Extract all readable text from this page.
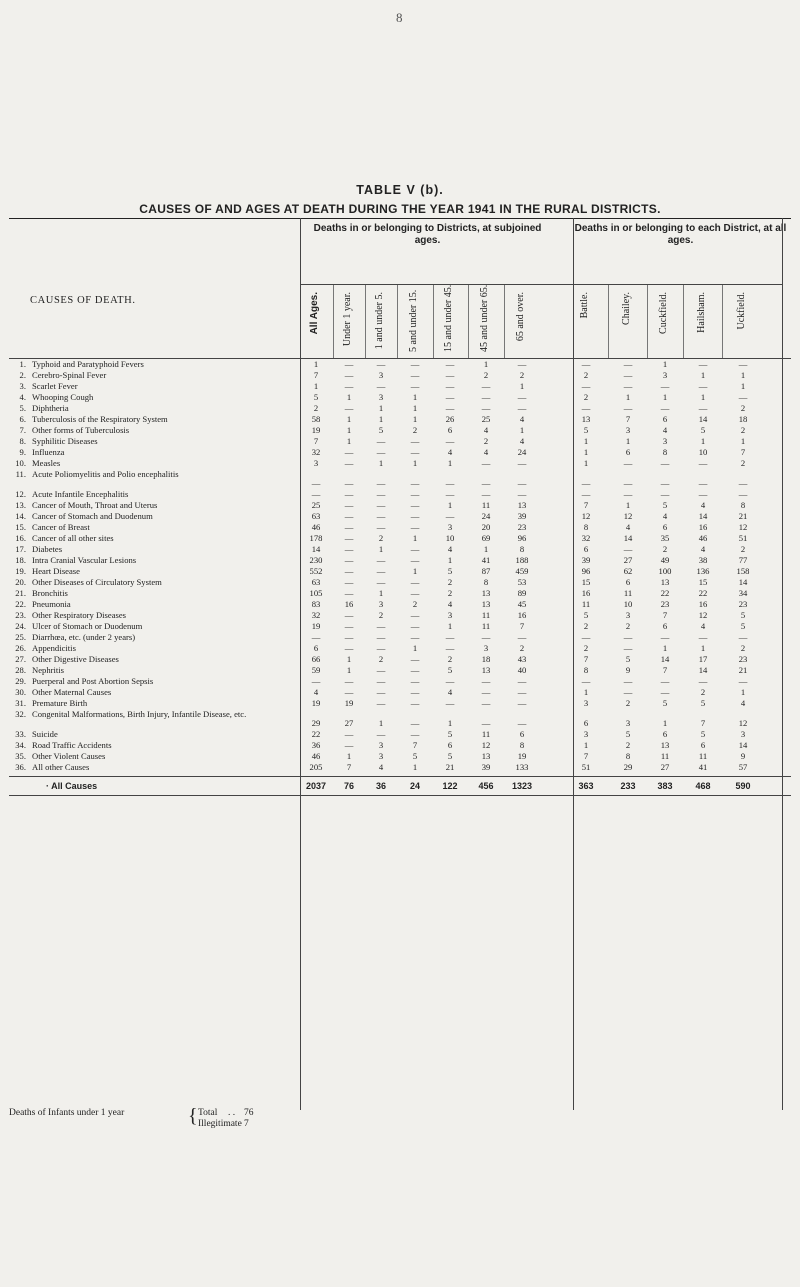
8
TABLE V (b).
CAUSES OF AND AGES AT DEATH DURING THE YEAR 1941 IN THE RURAL DISTRICTS.
Deaths in or belonging to Districts, at subjoined ages.
Deaths in or belonging to each District, at all ages.
CAUSES OF DEATH.	All Ages.	Under 1 year.	1 and under 5.	5 and under 15.	15 and under 45.	45 and under 65.	65 and over.	Battle.	Chailey.	Cuckfield.	Hailsham.	Uckfield.
1. Typhoid and Paratyphoid Fevers	1	—	—	—	—	1	—	—	—	1	—	—
2. Cerebro-Spinal Fever	7	—	3	—	—	2	2	2	—	3	1	1
3. Scarlet Fever	1	—	—	—	—	—	1	—	—	—	—	1
4. Whooping Cough	5	1	3	1	—	—	—	2	1	1	1	—
5. Diphtheria	2	—	1	1	—	—	—	—	—	—	—	2
6. Tuberculosis of the Respiratory System	58	1	1	1	26	25	4	13	7	6	14	18
7. Other forms of Tuberculosis	19	1	5	2	6	4	1	5	3	4	5	2
8. Syphilitic Diseases	7	1	—	—	—	2	4	1	1	3	1	1
9. Influenza	32	—	—	—	4	4	24	1	6	8	10	7
10. Measles	3	—	1	1	1	—	—	1	—	—	—	2
11. Acute Poliomyelitis and Polio encephalitis
—	—	—	—	—	—	—	—	—	—	—	—
12. Acute Infantile Encephalitis	—	—	—	—	—	—	—	—	—	—	—	—
13. Cancer of Mouth, Throat and Uterus	25	—	—	—	1	11	13	7	1	5	4	8
14. Cancer of Stomach and Duodenum	63	—	—	—	—	24	39	12	12	4	14	21
15. Cancer of Breast	46	—	—	—	3	20	23	8	4	6	16	12
16. Cancer of all other sites	178	—	2	1	10	69	96	32	14	35	46	51
17. Diabetes	14	—	1	—	4	1	8	6	—	2	4	2
18. Intra Cranial Vascular Lesions	230	—	—	—	1	41	188	39	27	49	38	77
19. Heart Disease	552	—	—	1	5	87	459	96	62	100	136	158
20. Other Diseases of Circulatory System	63	—	—	—	2	8	53	15	6	13	15	14
21. Bronchitis	105	—	1	—	2	13	89	16	11	22	22	34
22. Pneumonia	83	16	3	2	4	13	45	11	10	23	16	23
23. Other Respiratory Diseases	32	—	2	—	3	11	16	5	3	7	12	5
24. Ulcer of Stomach or Duodenum	19	—	—	—	1	11	7	2	2	6	4	5
25. Diarrhœa, etc. (under 2 years)	—	—	—	—	—	—	—	—	—	—	—	—
26. Appendicitis	6	—	—	1	—	3	2	2	—	1	1	2
27. Other Digestive Diseases	66	1	2	—	2	18	43	7	5	14	17	23
28. Nephritis	59	1	—	—	5	13	40	8	9	7	14	21
29. Puerperal and Post Abortion Sepsis	—	—	—	—	—	—	—	—	—	—	—	—
30. Other Maternal Causes	4	—	—	—	4	—	—	1	—	—	2	1
31. Premature Birth	19	19	—	—	—	—	—	3	2	5	5	4
32. Congenital Malformations, Birth Injury, Infantile Disease, etc.
29	27	1	—	1	—	—	6	3	1	7	12
33. Suicide	22	—	—	—	5	11	6	3	5	6	5	3
34. Road Traffic Accidents	36	—	3	7	6	12	8	1	2	13	6	14
35. Other Violent Causes	46	1	3	5	5	13	19	7	8	11	11	9
36. All other Causes	205	7	4	1	21	39	133	51	29	27	41	57
· All Causes	2037	76	36	24	122	456	1323	363	233	383	468	590
Deaths of Infants under 1 year	{ Total . . 76
Illegitimate 7
